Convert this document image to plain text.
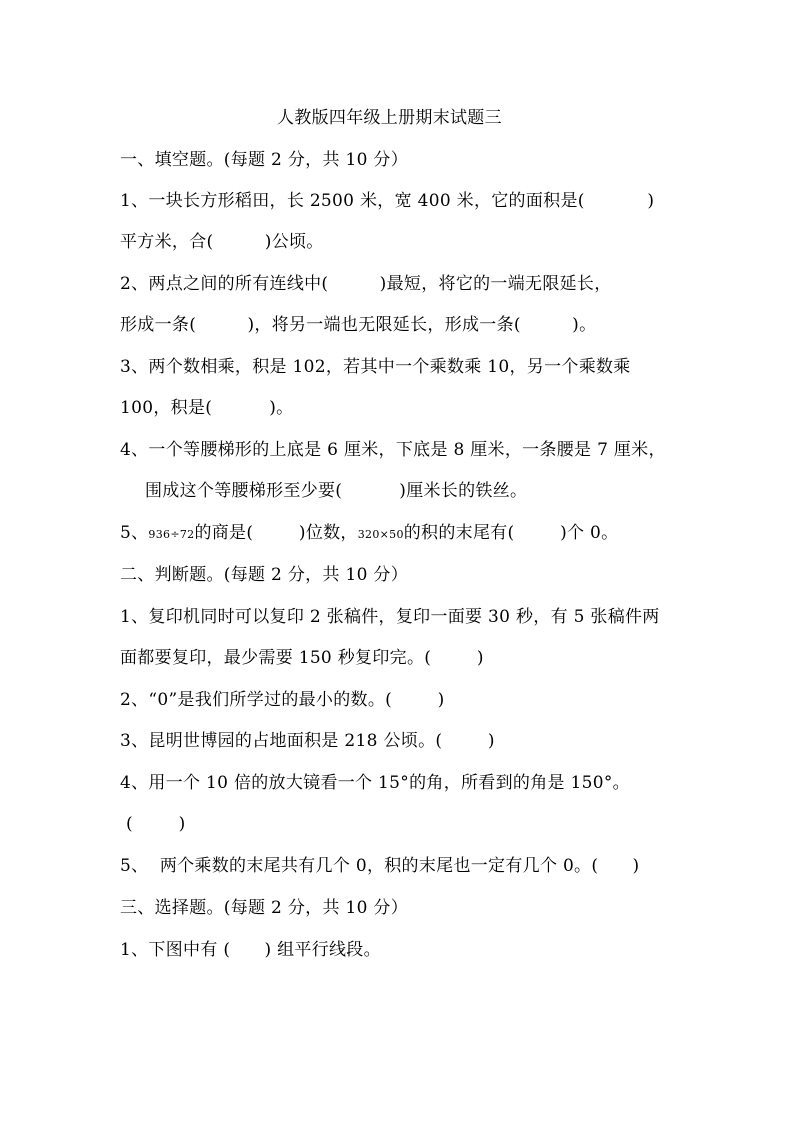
人教版四年级上册期末试题三
一、填空题。(每题 2 分，共 10 分）
1、一块长方形稻田，长 2500 米，宽 400 米，它的面积是(           )
平方米，合(         )公顷。
2、两点之间的所有连线中(         )最短，将它的一端无限延长，
形成一条(         )，将另一端也无限延长，形成一条(         )。
3、两个数相乘，积是 102，若其中一个乘数乘 10，另一个乘数乘
100，积是(          )。
4、一个等腰梯形的上底是 6 厘米，下底是 8 厘米，一条腰是 7 厘米，
围成这个等腰梯形至少要(          )厘米长的铁丝。
5、936÷72的商是(        )位数，320×50的积的末尾有(        )个 0。
二、判断题。(每题 2 分，共 10 分）
1、复印机同时可以复印 2 张稿件，复印一面要 30 秒，有 5 张稿件两
面都要复印，最少需要 150 秒复印完。(        )
2、“0”是我们所学过的最小的数。(        )
3、昆明世博园的占地面积是 218 公顷。(        )
4、用一个 10 倍的放大镜看一个 15°的角，所看到的角是 150°。
(        )
5、  两个乘数的末尾共有几个 0，积的末尾也一定有几个 0。(      )
三、选择题。(每题 2 分，共 10 分）
1、下图中有 (      ) 组平行线段。
